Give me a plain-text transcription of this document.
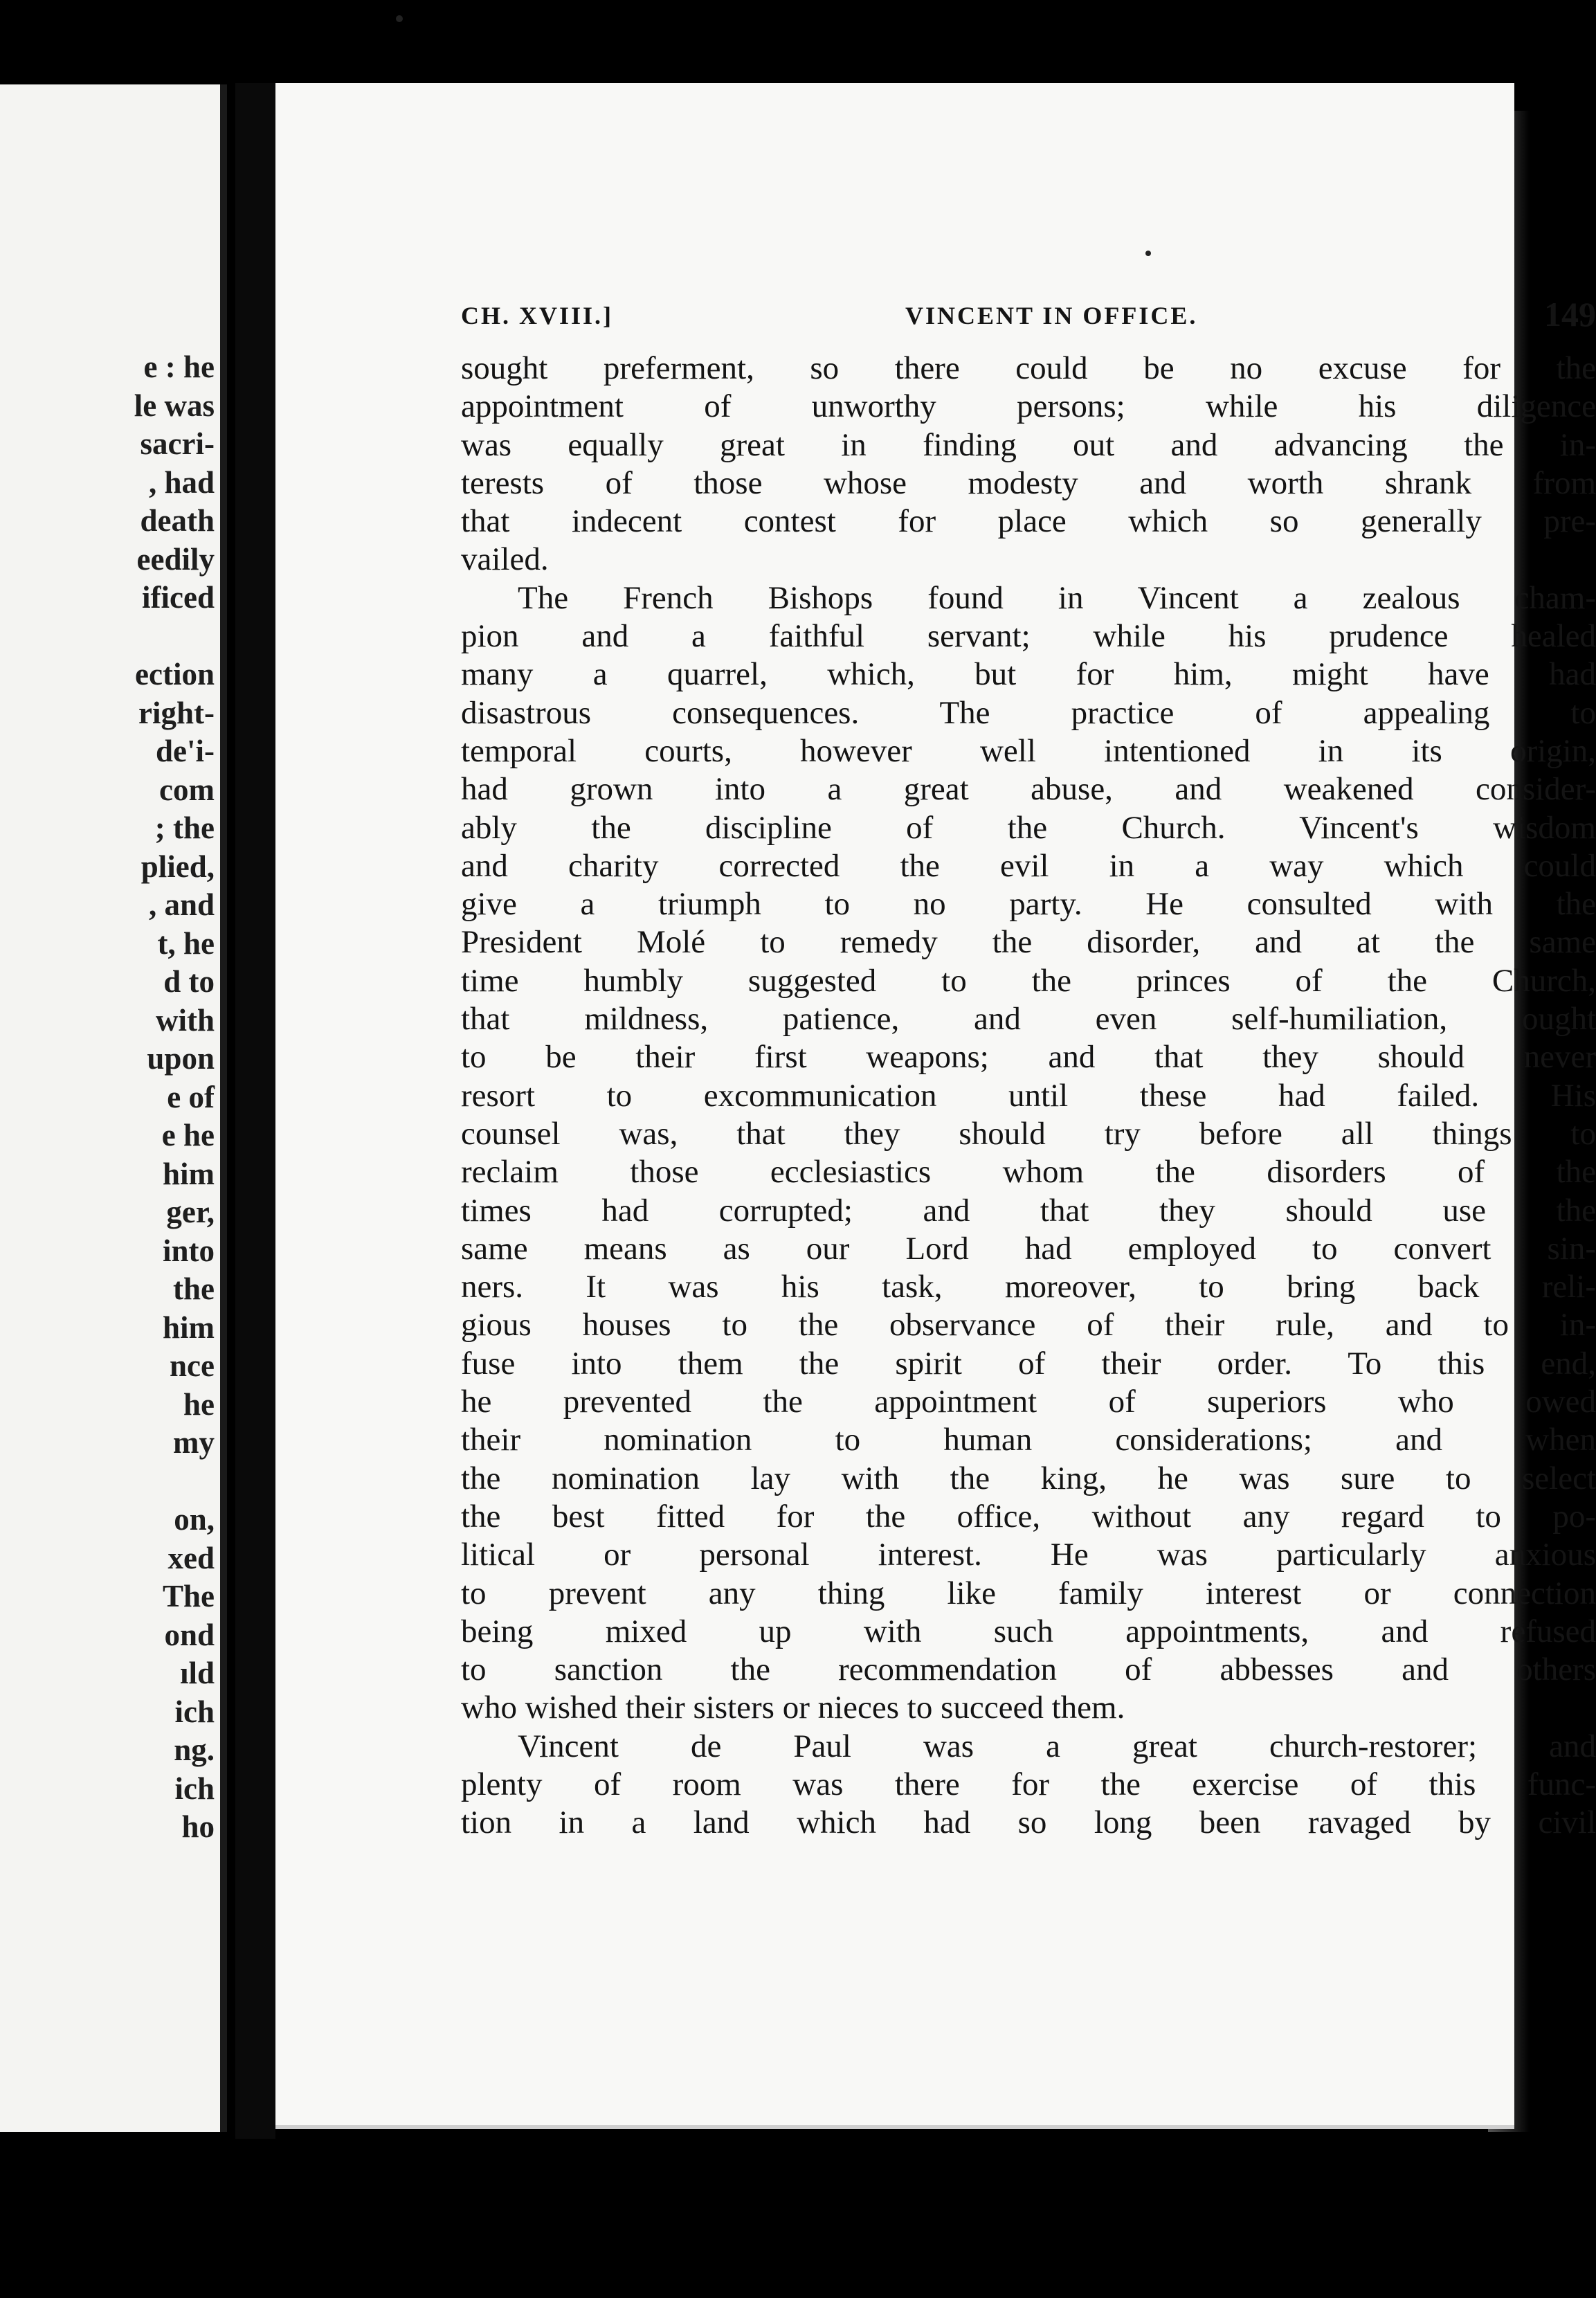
e : he
le was
sacri-
, had
death
eedily
ificed
ection
right-
de'i-
com
; the
plied,
, and
t, he
d to
with
upon
e of
e he
him
ger,
into
the
him
nce
he
my
on,
xed
The
ond
ıld
ich
ng.
ich
ho
CH. XVIII.]	VINCENT IN OFFICE.	149
sought preferment, so there could be no excuse for the
appointment of unworthy persons; while his diligence
was equally great in finding out and advancing the in-
terests of those whose modesty and worth shrank from
that indecent contest for place which so generally pre-
vailed.
The French Bishops found in Vincent a zealous cham-
pion and a faithful servant; while his prudence healed
many a quarrel, which, but for him, might have had
disastrous consequences. The practice of appealing to
temporal courts, however well intentioned in its origin,
had grown into a great abuse, and weakened consider-
ably the discipline of the Church. Vincent's wisdom
and charity corrected the evil in a way which could
give a triumph to no party. He consulted with the
President Molé to remedy the disorder, and at the same
time humbly suggested to the princes of the Church,
that mildness, patience, and even self-humiliation, ought
to be their first weapons; and that they should never
resort to excommunication until these had failed. His
counsel was, that they should try before all things to
reclaim those ecclesiastics whom the disorders of the
times had corrupted; and that they should use the
same means as our Lord had employed to convert sin-
ners. It was his task, moreover, to bring back reli-
gious houses to the observance of their rule, and to in-
fuse into them the spirit of their order. To this end,
he prevented the appointment of superiors who owed
their nomination to human considerations; and when
the nomination lay with the king, he was sure to select
the best fitted for the office, without any regard to po-
litical or personal interest. He was particularly anxious
to prevent any thing like family interest or connection
being mixed up with such appointments, and refused
to sanction the recommendation of abbesses and others
who wished their sisters or nieces to succeed them.
Vincent de Paul was a great church-restorer; and
plenty of room was there for the exercise of this func-
tion in a land which had so long been ravaged by civil
